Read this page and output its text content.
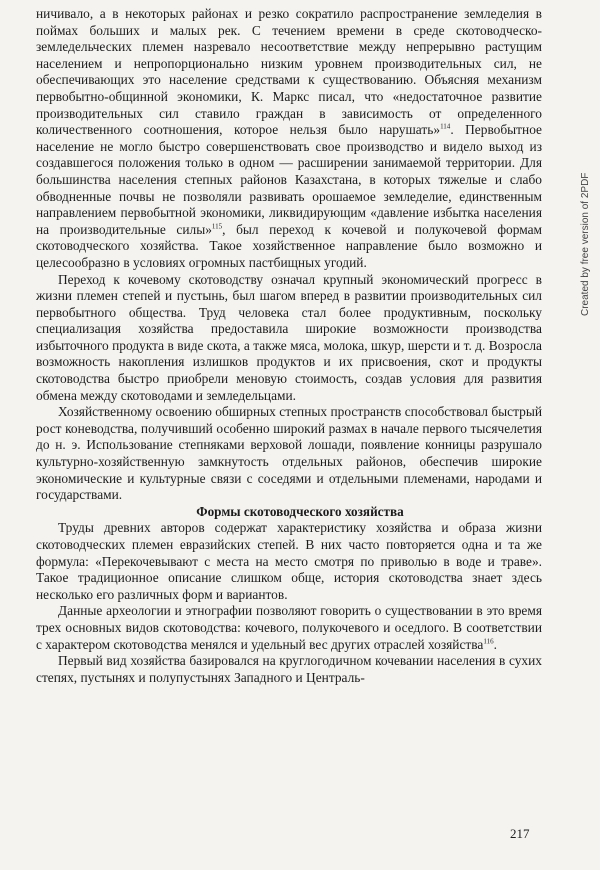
Created by free version of 2PDF

ничивало, а в некоторых районах и резко сократило распространение земледелия в поймах больших и малых рек. С течением времени в среде скотоводческо-земледельческих племен назревало несоответствие между непрерывно растущим населением и непропорционально низким уровнем производительных сил, не обеспечивающих это население средствами к существованию. Объясняя механизм первобытно-общинной экономики, К. Маркс писал, что «недостаточное развитие производительных сил ставило граждан в зависимость от определенного количественного соотношения, которое нельзя было нарушать»$^{114}$. Первобытное население не могло быстро совершенствовать свое производство и видело выход из создавшегося положения только в одном — расширении занимаемой территории. Для большинства населения степных районов Казахстана, в которых тяжелые и слабо обводненные почвы не позволяли развивать орошаемое земледелие, единственным направлением первобытной экономики, ликвидирующим «давление избытка населения на производительные силы»$^{115}$, был переход к кочевой и полукочевой формам скотоводческого хозяйства. Такое хозяйственное направление было возможно и целесообразно в условиях огромных пастбищных угодий.

Переход к кочевому скотоводству означал крупный экономический прогресс в жизни племен степей и пустынь, был шагом вперед в развитии производительных сил первобытного общества. Труд человека стал более продуктивным, поскольку специализация хозяйства предоставила широкие возможности производства избыточного продукта в виде скота, а также мяса, молока, шкур, шерсти и т. д. Возросла возможность накопления излишков продуктов и их присвоения, скот и продукты скотоводства быстро приобрели меновую стоимость, создав условия для развития обмена между скотоводами и земледельцами.

Хозяйственному освоению обширных степных пространств способствовал быстрый рост коневодства, получивший особенно широкий размах в начале первого тысячелетия до н. э. Использование степняками верховой лошади, появление конницы разрушало культурно-хозяйственную замкнутость отдельных районов, обеспечив широкие экономические и культурные связи с соседями и отдельными племенами, народами и государствами.

Формы скотоводческого хозяйства

Труды древних авторов содержат характеристику хозяйства и образа жизни скотоводческих племен евразийских степей. В них часто повторяется одна и та же формула: «Перекочевывают с места на место смотря по приволью в воде и траве». Такое традиционное описание слишком обще, история скотоводства знает здесь несколько его различных форм и вариантов.

Данные археологии и этнографии позволяют говорить о существовании в это время трех основных видов скотоводства: кочевого, полукочевого и оседлого. В соответствии с характером скотоводства менялся и удельный вес других отраслей хозяйства$^{116}$.

Первый вид хозяйства базировался на круглогодичном кочевании населения в сухих степях, пустынях и полупустынях Западного и Централь-

217
